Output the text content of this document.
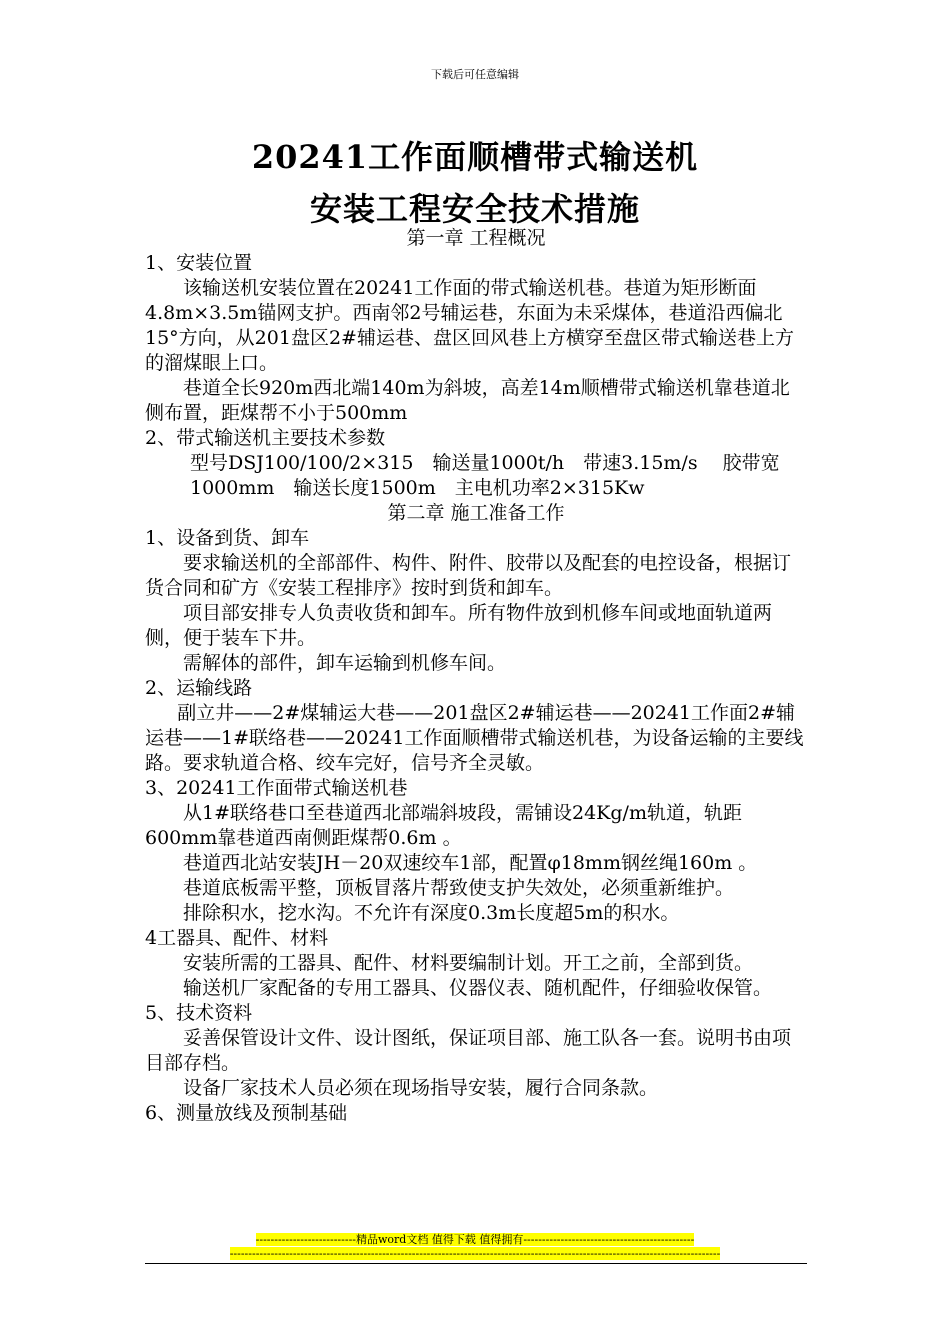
下载后可任意编辑
20241工作面顺槽带式输送机
安装工程安全技术措施

第一章 工程概况

1、安装位置

该输送机安装位置在20241工作面的带式输送机巷。巷道为矩形断面4.8m×3.5m锚网支护。西南邻2号辅运巷，东面为未采煤体，巷道沿西偏北15°方向，从201盘区2#辅运巷、盘区回风巷上方横穿至盘区带式输送巷上方的溜煤眼上口。

巷道全长920m西北端140m为斜坡，高差14m顺槽带式输送机靠巷道北侧布置，距煤帮不小于500mm

2、带式输送机主要技术参数

型号DSJ100/100/2×315　输送量1000t/h　带速3.15m/s　 胶带宽

1000mm　输送长度1500m　主电机功率2×315Kw

第二章 施工准备工作

1、设备到货、卸车

要求输送机的全部部件、构件、附件、胶带以及配套的电控设备，根据订货合同和矿方《安装工程排序》按时到货和卸车。

项目部安排专人负责收货和卸车。所有物件放到机修车间或地面轨道两侧，便于装车下井。

需解体的部件，卸车运输到机修车间。

2、运输线路

副立井——2#煤辅运大巷——201盘区2#辅运巷——20241工作面2#辅运巷——1#联络巷——20241工作面顺槽带式输送机巷，为设备运输的主要线路。要求轨道合格、绞车完好，信号齐全灵敏。

3、20241工作面带式输送机巷

从1#联络巷口至巷道西北部端斜坡段，需铺设24Kg/m轨道，轨距600mm靠巷道西南侧距煤帮0.6m 。

巷道西北站安装JH－20双速绞车1部，配置φ18mm钢丝绳160m 。

巷道底板需平整，顶板冒落片帮致使支护失效处，必须重新维护。

排除积水，挖水沟。不允许有深度0.3m长度超5m的积水。

4工器具、配件、材料

安装所需的工器具、配件、材料要编制计划。开工之前，全部到货。

输送机厂家配备的专用工器具、仪器仪表、随机配件，仔细验收保管。

5、技术资料

妥善保管设计文件、设计图纸，保证项目部、施工队各一套。说明书由项目部存档。

设备厂家技术人员必须在现场指导安装，履行合同条款。

6、测量放线及预制基础

---------------------------精品word文档 值得下载 值得拥有----------------------------------------------
------------------------------------------------------------------------------------------------------------------------------------
